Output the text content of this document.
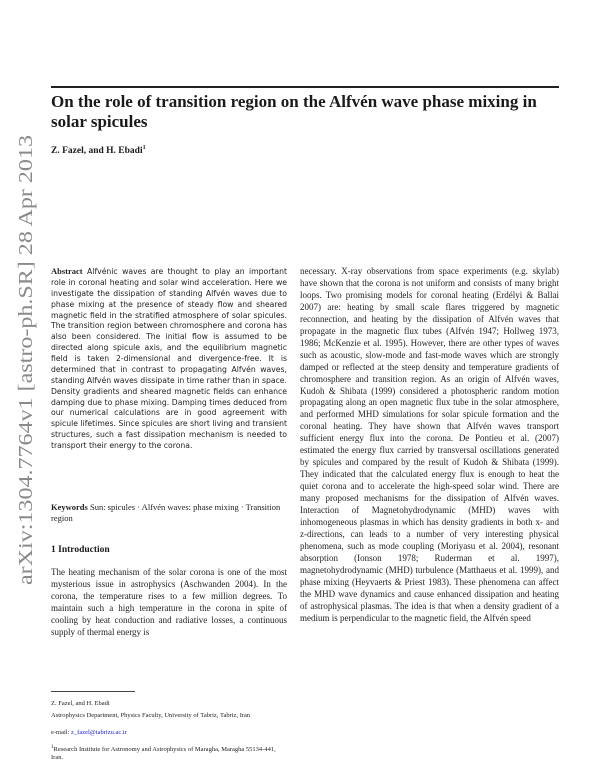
arXiv:1304.7764v1 [astro-ph.SR] 28 Apr 2013
On the role of transition region on the Alfvén wave phase mixing in solar spicules

Z. Fazel, and H. Ebadi$^1$

Abstract Alfvénic waves are thought to play an important role in coronal heating and solar wind acceleration. Here we investigate the dissipation of standing Alfvén waves due to phase mixing at the presence of steady flow and sheared magnetic field in the stratified atmosphere of solar spicules. The transition region between chromosphere and corona has also been considered. The initial flow is assumed to be directed along spicule axis, and the equilibrium magnetic field is taken 2-dimensional and divergence-free. It is determined that in contrast to propagating Alfvén waves, standing Alfvén waves dissipate in time rather than in space. Density gradients and sheared magnetic fields can enhance damping due to phase mixing. Damping times deduced from our numerical calculations are in good agreement with spicule lifetimes. Since spicules are short living and transient structures, such a fast dissipation mechanism is needed to transport their energy to the corona.

Keywords Sun: spicules · Alfvén waves: phase mixing · Transition region

1 Introduction

The heating mechanism of the solar corona is one of the most mysterious issue in astrophysics (Aschwanden 2004). In the corona, the temperature rises to a few million degrees. To maintain such a high temperature in the corona in spite of cooling by heat conduction and radiative losses, a continuous supply of thermal energy is

Z. Fazel, and H. Ebadi

Astrophysics Department, Physics Faculty, University of Tabriz, Tabriz, Iran

e-mail: z_fazel@tabrizu.ac.ir

$^1$Research Institute for Astronomy and Astrophysics of Maragha, Maragha 55134-441, Iran.

necessary. X-ray observations from space experiments (e.g. skylab) have shown that the corona is not uniform and consists of many bright loops. Two promising models for coronal heating (Erdélyi & Ballai 2007) are: heating by small scale flares triggered by magnetic reconnection, and heating by the dissipation of Alfvén waves that propagate in the magnetic flux tubes (Alfvén 1947; Hollweg 1973, 1986; McKenzie et al. 1995). However, there are other types of waves such as acoustic, slow-mode and fast-mode waves which are strongly damped or reflected at the steep density and temperature gradients of chromosphere and transition region. As an origin of Alfvén waves, Kudoh & Shibata (1999) considered a photospheric random motion propagating along an open magnetic flux tube in the solar atmosphere, and performed MHD simulations for solar spicule formation and the coronal heating. They have shown that Alfvén waves transport sufficient energy flux into the corona. De Pontieu et al. (2007) estimated the energy flux carried by transversal oscillations generated by spicules and compared by the result of Kudoh & Shibata (1999). They indicated that the calculated energy flux is enough to heat the quiet corona and to accelerate the high-speed solar wind. There are many proposed mechanisms for the dissipation of Alfvén waves. Interaction of Magnetohydrodynamic (MHD) waves with inhomogeneous plasmas in which has density gradients in both x- and z-directions, can leads to a number of very interesting physical phenomena, such as mode coupling (Moriyasu et al. 2004), resonant absorption (Ionson 1978; Ruderman et al. 1997), magnetohydrodynamic (MHD) turbulence (Matthaeus et al. 1999), and phase mixing (Heyvaerts & Priest 1983). These phenomena can affect the MHD wave dynamics and cause enhanced dissipation and heating of astrophysical plasmas. The idea is that when a density gradient of a medium is perpendicular to the magnetic field, the Alfvén speed
